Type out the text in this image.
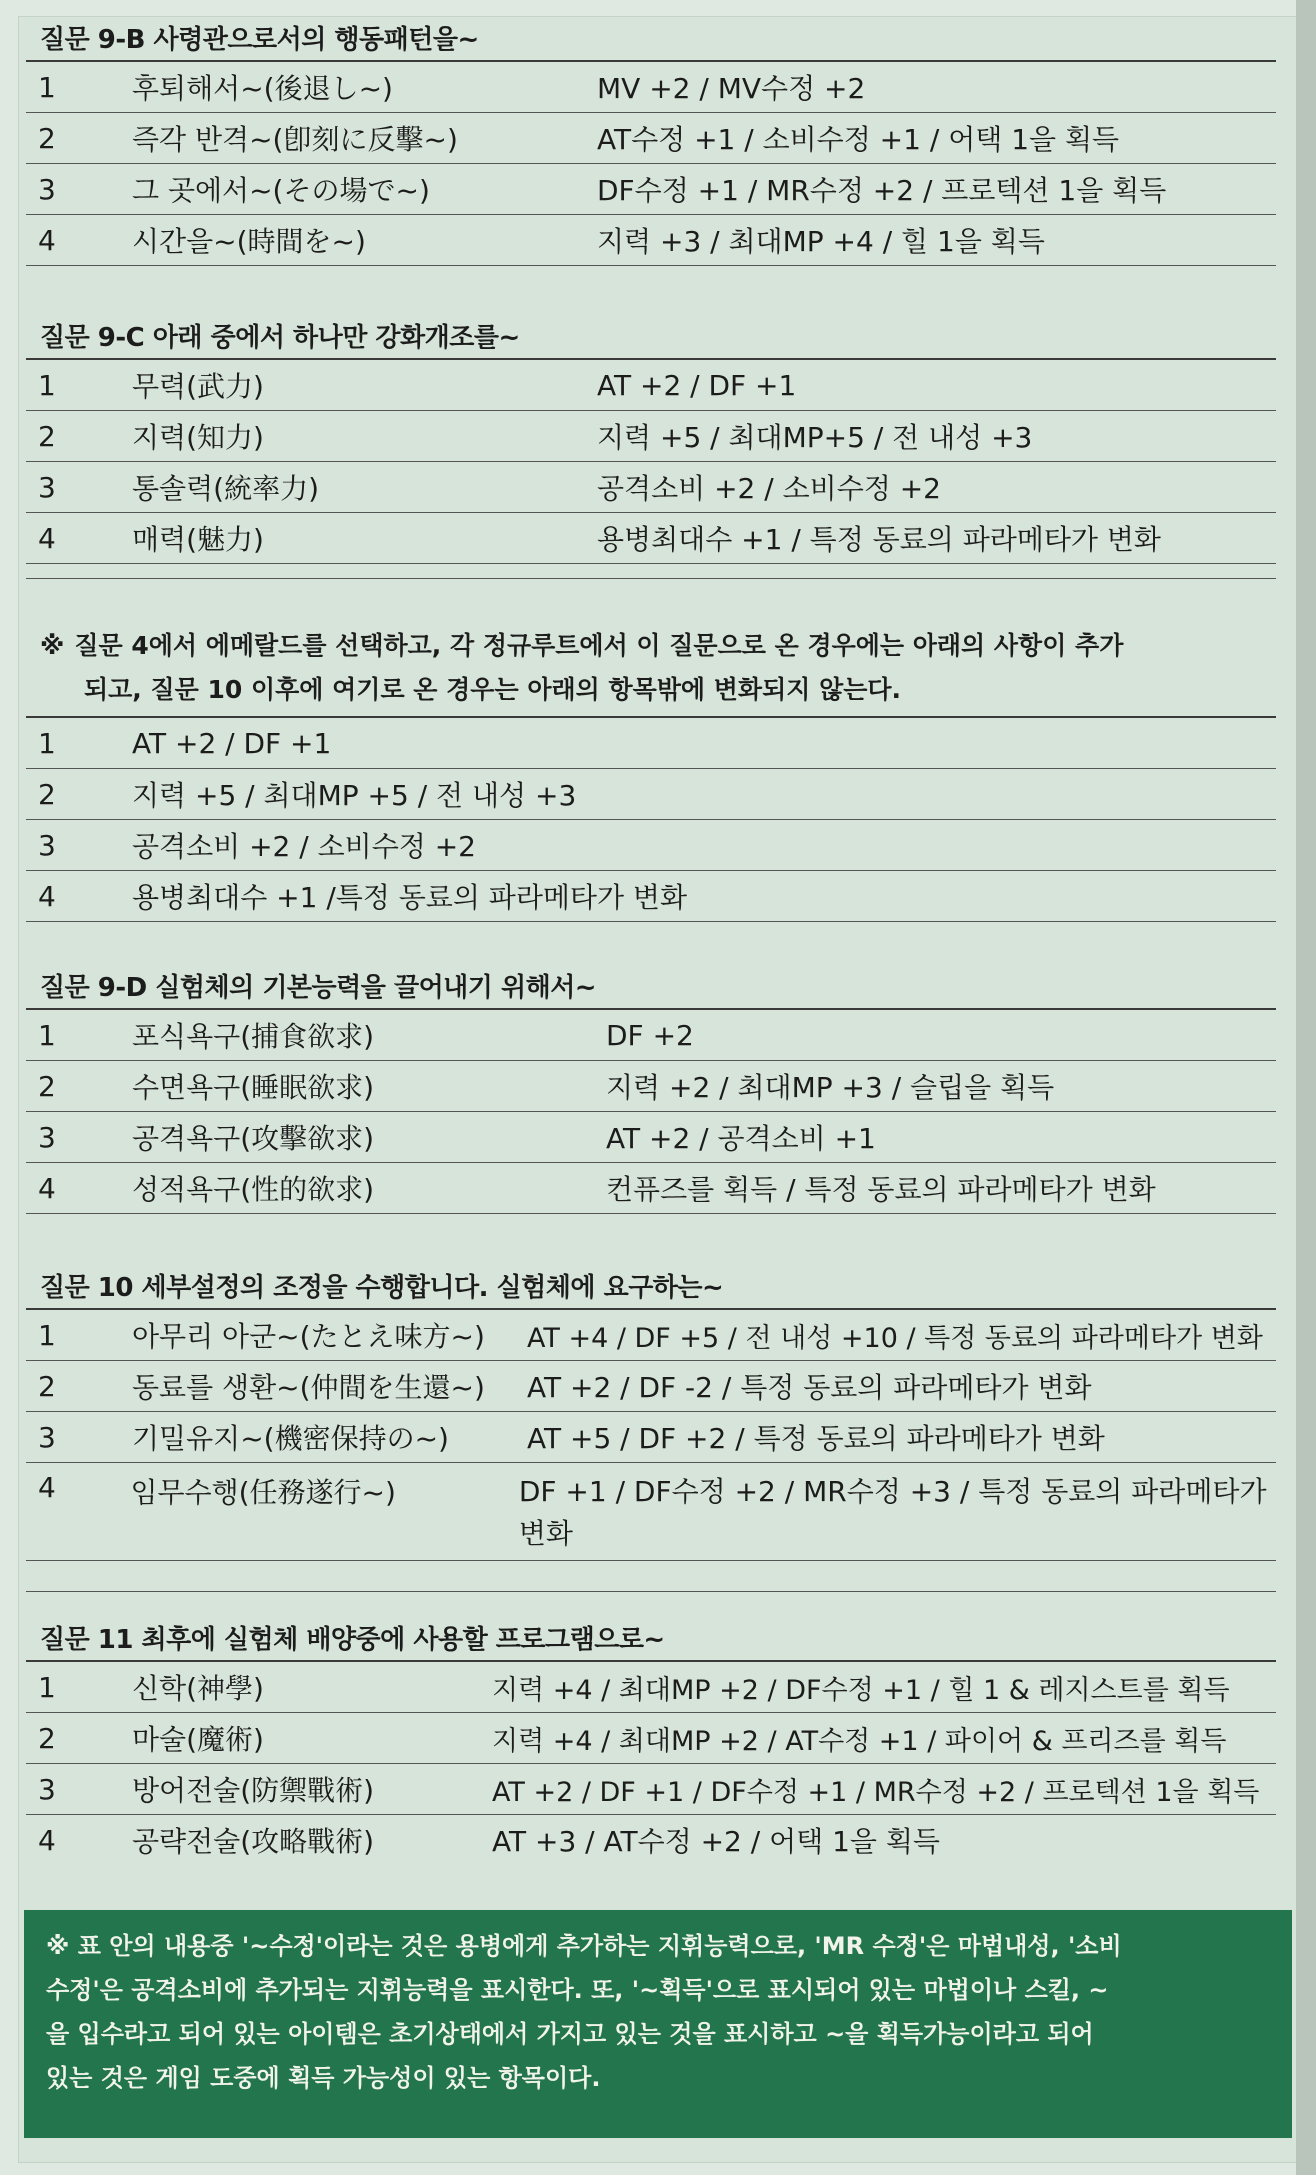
질문 9-B 사령관으로서의 행동패턴을~
1	후퇴해서~(後退し~)	MV +2 / MV수정 +2
2	즉각 반격~(卽刻に反擊~)	AT수정 +1 / 소비수정 +1 / 어택 1을 획득
3	그 곳에서~(その場で~)	DF수정 +1 / MR수정 +2 / 프로텍션 1을 획득
4	시간을~(時間を~)	지력 +3 / 최대MP +4 / 힐 1을 획득
질문 9-C 아래 중에서 하나만 강화개조를~
1	무력(武力)	AT +2 / DF +1
2	지력(知力)	지력 +5 / 최대MP+5 / 전 내성 +3
3	통솔력(統率力)	공격소비 +2 / 소비수정 +2
4	매력(魅力)	용병최대수 +1 / 특정 동료의 파라메타가 변화
※ 질문 4에서 에메랄드를 선택하고, 각 정규루트에서 이 질문으로 온 경우에는 아래의 사항이 추가
되고, 질문 10 이후에 여기로 온 경우는 아래의 항목밖에 변화되지 않는다.
1	AT +2 / DF +1
2	지력 +5 / 최대MP +5 / 전 내성 +3
3	공격소비 +2 / 소비수정 +2
4	용병최대수 +1 /특정 동료의 파라메타가 변화
질문 9-D 실험체의 기본능력을 끌어내기 위해서~
1	포식욕구(捕食欲求)	DF +2
2	수면욕구(睡眠欲求)	지력 +2 / 최대MP +3 / 슬립을 획득
3	공격욕구(攻擊欲求)	AT +2 / 공격소비 +1
4	성적욕구(性的欲求)	컨퓨즈를 획득 / 특정 동료의 파라메타가 변화
질문 10 세부설정의 조정을 수행합니다. 실험체에 요구하는~
1	아무리 아군~(たとえ味方~)	AT +4 / DF +5 / 전 내성 +10 / 특정 동료의 파라메타가 변화
2	동료를 생환~(仲間を生還~)	AT +2 / DF -2 / 특정 동료의 파라메타가 변화
3	기밀유지~(機密保持の~)	AT +5 / DF +2 / 특정 동료의 파라메타가 변화
4	임무수행(任務遂行~)	DF +1 / DF수정 +2 / MR수정 +3 / 특정 동료의 파라메타가 변화
질문 11 최후에 실험체 배양중에 사용할 프로그램으로~
1	신학(神學)	지력 +4 / 최대MP +2 / DF수정 +1 / 힐 1 & 레지스트를 획득
2	마술(魔術)	지력 +4 / 최대MP +2 / AT수정 +1 / 파이어 & 프리즈를 획득
3	방어전술(防禦戰術)	AT +2 / DF +1 / DF수정 +1 / MR수정 +2 / 프로텍션 1을 획득
4	공략전술(攻略戰術)	AT +3 / AT수정 +2 / 어택 1을 획득
※ 표 안의 내용중 '~수정'이라는 것은 용병에게 추가하는 지휘능력으로, 'MR 수정'은 마법내성, '소비
수정'은 공격소비에 추가되는 지휘능력을 표시한다. 또, '~획득'으로 표시되어 있는 마법이나 스킬, ~
을 입수라고 되어 있는 아이템은 초기상태에서 가지고 있는 것을 표시하고 ~을 획득가능이라고 되어
있는 것은 게임 도중에 획득 가능성이 있는 항목이다.
